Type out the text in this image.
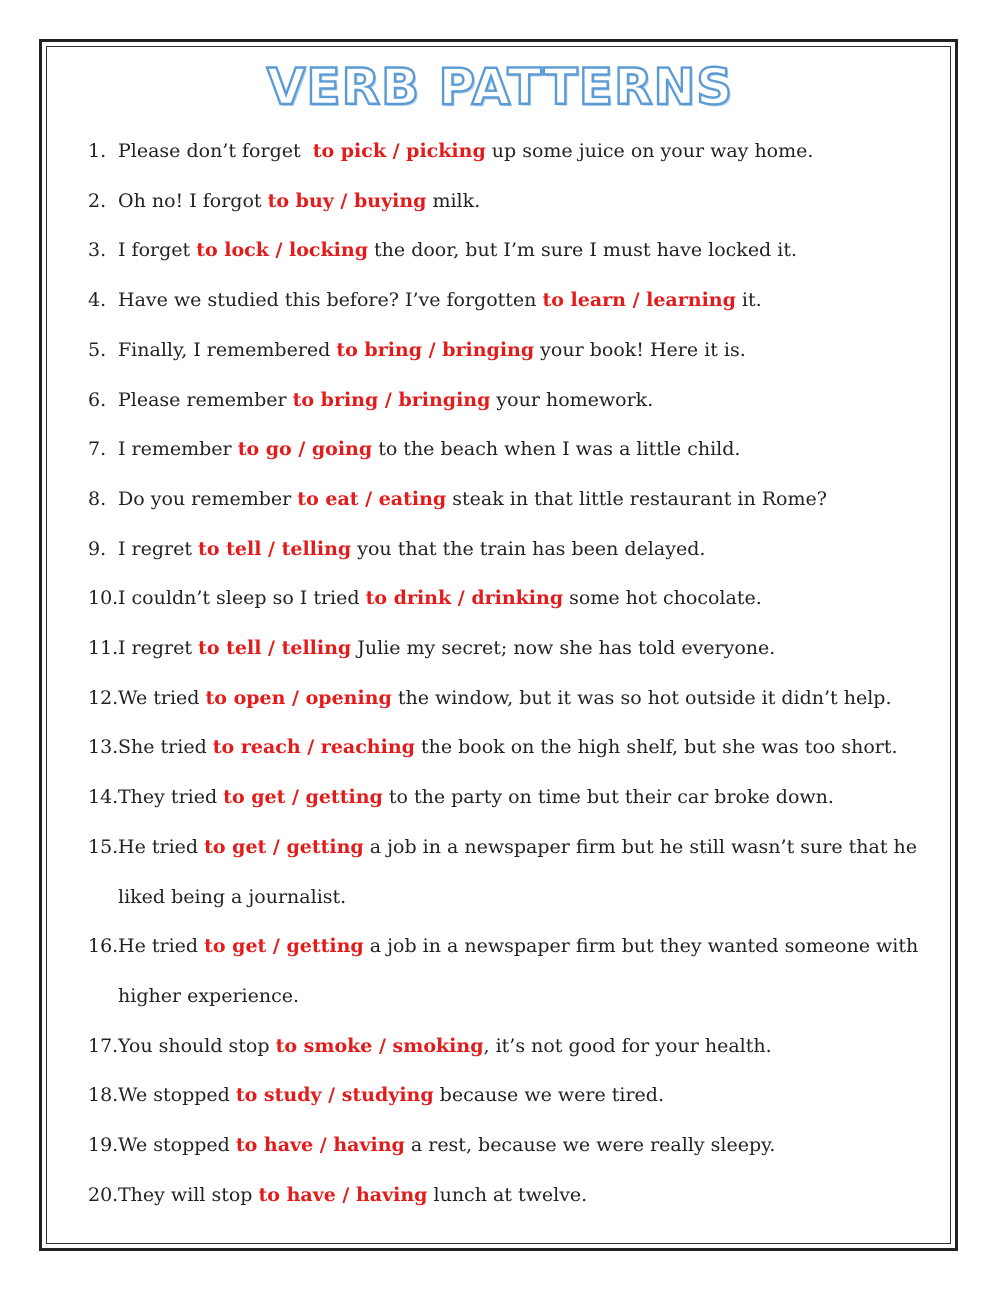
VERB PATTERNS
1. Please don’t forget  to pick / picking up some juice on your way home.
2. Oh no! I forgot to buy / buying milk.
3. I forget to lock / locking the door, but I’m sure I must have locked it.
4. Have we studied this before? I’ve forgotten to learn / learning it.
5. Finally, I remembered to bring / bringing your book! Here it is.
6. Please remember to bring / bringing your homework.
7. I remember to go / going to the beach when I was a little child.
8. Do you remember to eat / eating steak in that little restaurant in Rome?
9. I regret to tell / telling you that the train has been delayed.
10. I couldn’t sleep so I tried to drink / drinking some hot chocolate.
11. I regret to tell / telling Julie my secret; now she has told everyone.
12. We tried to open / opening the window, but it was so hot outside it didn’t help.
13. She tried to reach / reaching the book on the high shelf, but she was too short.
14. They tried to get / getting to the party on time but their car broke down.
15. He tried to get / getting a job in a newspaper firm but he still wasn’t sure that he liked being a journalist.
16. He tried to get / getting a job in a newspaper firm but they wanted someone with higher experience.
17. You should stop to smoke / smoking, it’s not good for your health.
18. We stopped to study / studying because we were tired.
19. We stopped to have / having a rest, because we were really sleepy.
20. They will stop to have / having lunch at twelve.
